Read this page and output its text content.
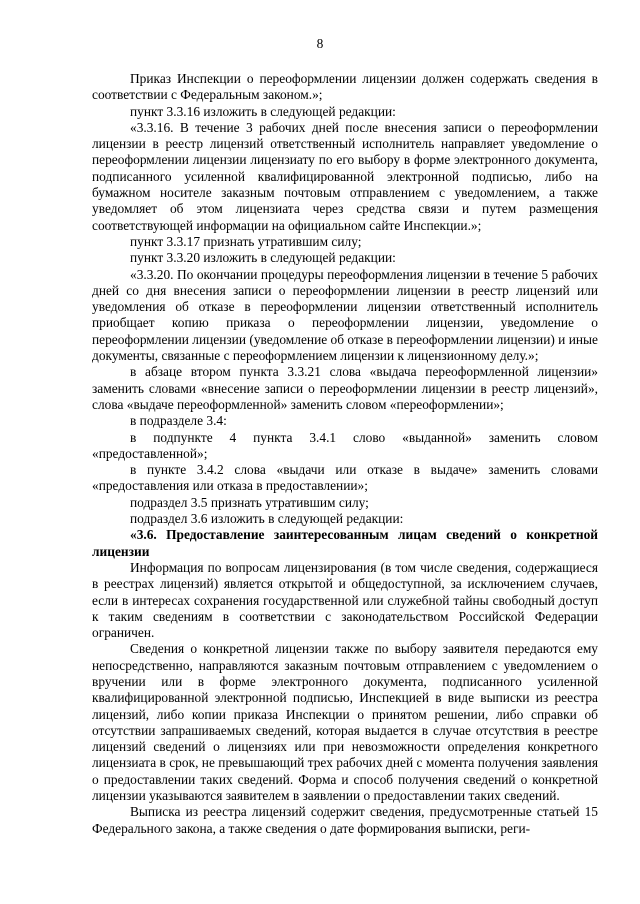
8

Приказ Инспекции о переоформлении лицензии должен содержать сведения в соответствии с Федеральным законом.»;

пункт 3.3.16 изложить в следующей редакции:

«3.3.16. В течение 3 рабочих дней после внесения записи о переоформлении лицензии в реестр лицензий ответственный исполнитель направляет уведомление о переоформлении лицензии лицензиату по его выбору в форме электронного документа, подписанного усиленной квалифицированной электронной подписью, либо на бумажном носителе заказным почтовым отправлением с уведомлением, а также уведомляет об этом лицензиата через средства связи и путем размещения соответствующей информации на официальном сайте Инспекции.»;

пункт 3.3.17 признать утратившим силу;

пункт 3.3.20 изложить в следующей редакции:

«3.3.20. По окончании процедуры переоформления лицензии в течение 5 рабочих дней со дня внесения записи о переоформлении лицензии в реестр лицензий или уведомления об отказе в переоформлении лицензии ответственный исполнитель приобщает копию приказа о переоформлении лицензии, уведомление о переоформлении лицензии (уведомление об отказе в переоформлении лицензии) и иные документы, связанные с переоформлением лицензии к лицензионному делу.»;

в абзаце втором пункта 3.3.21 слова «выдача переоформленной лицензии» заменить словами «внесение записи о переоформлении лицензии в реестр лицензий», слова «выдаче переоформленной» заменить словом «переоформлении»;

в подразделе 3.4:

в подпункте 4 пункта 3.4.1 слово «выданной» заменить словом «предоставленной»;

в пункте 3.4.2 слова «выдачи или отказе в выдаче» заменить словами «предоставления или отказа в предоставлении»;

подраздел 3.5 признать утратившим силу;

подраздел 3.6 изложить в следующей редакции:

«3.6. Предоставление заинтересованным лицам сведений о конкретной лицензии

Информация по вопросам лицензирования (в том числе сведения, содержащиеся в реестрах лицензий) является открытой и общедоступной, за исключением случаев, если в интересах сохранения государственной или служебной тайны свободный доступ к таким сведениям в соответствии с законодательством Российской Федерации ограничен.

Сведения о конкретной лицензии также по выбору заявителя передаются ему непосредственно, направляются заказным почтовым отправлением с уведомлением о вручении или в форме электронного документа, подписанного усиленной квалифицированной электронной подписью, Инспекцией в виде выписки из реестра лицензий, либо копии приказа Инспекции о принятом решении, либо справки об отсутствии запрашиваемых сведений, которая выдается в случае отсутствия в реестре лицензий сведений о лицензиях или при невозможности определения конкретного лицензиата в срок, не превышающий трех рабочих дней с момента получения заявления о предоставлении таких сведений. Форма и способ получения сведений о конкретной лицензии указываются заявителем в заявлении о предоставлении таких сведений.

Выписка из реестра лицензий содержит сведения, предусмотренные статьей 15 Федерального закона, а также сведения о дате формирования выписки, реги-
